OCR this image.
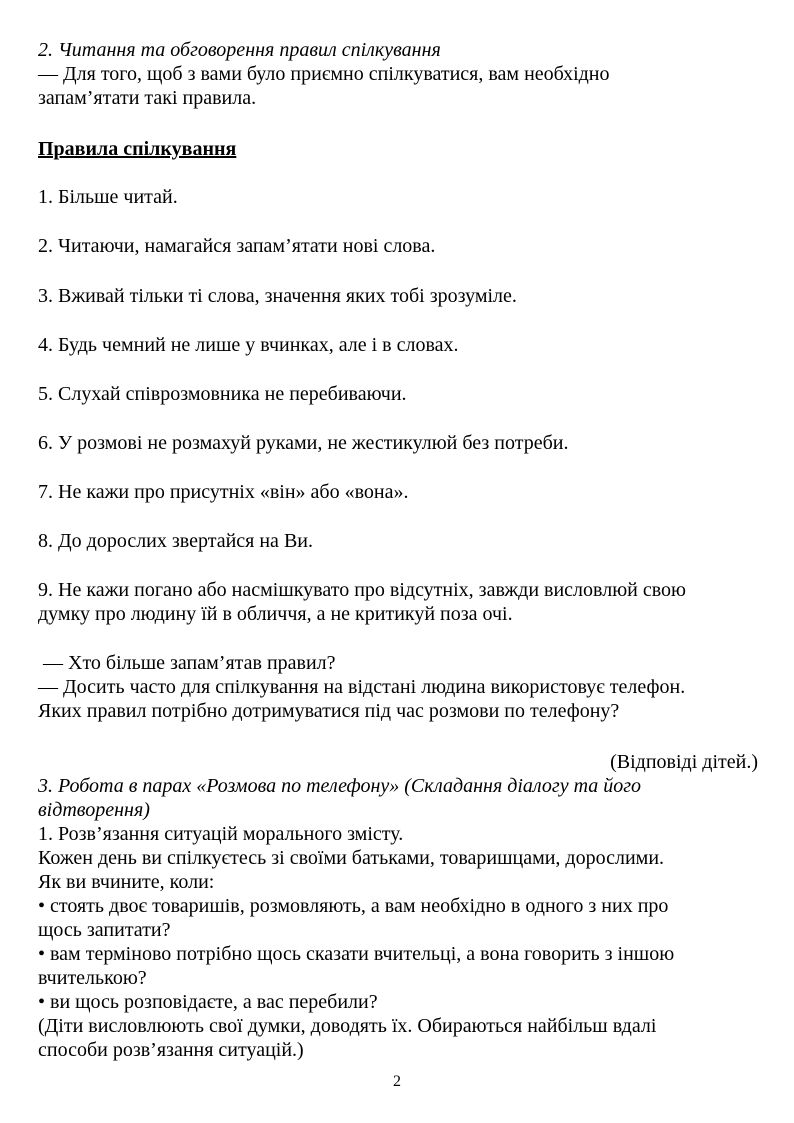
2. Читання та обговорення правил спілкування
— Для того, щоб з вами було приємно спілкуватися, вам необхідно
запам’ятати такі правила.
Правила спілкування
1. Більше читай.
2. Читаючи, намагайся запам’ятати нові слова.
3. Вживай тільки ті слова, значення яких тобі зрозуміле.
4. Будь чемний не лише у вчинках, але і в словах.
5. Слухай співрозмовника не перебиваючи.
6. У розмові не розмахуй руками, не жестикулюй без потреби.
7. Не кажи про присутніх «він» або «вона».
8. До дорослих звертайся на Ви.
9. Не кажи погано або насмішкувато про відсутніх, завжди висловлюй свою
думку про людину їй в обличчя, а не критикуй поза очі.
— Хто більше запам’ятав правил?
— Досить часто для спілкування на відстані людина використовує телефон.
Яких правил потрібно дотримуватися під час розмови по телефону?
(Відповіді дітей.)
3. Робота в парах «Розмова по телефону» (Складання діалогу та його
відтворення)
1. Розв’язання ситуацій морального змісту.
Кожен день ви спілкуєтесь зі своїми батьками, товаришцами, дорослими.
Як ви вчините, коли:
• стоять двоє товаришів, розмовляють, а вам необхідно в одного з них про
щось запитати?
• вам терміново потрібно щось сказати вчительці, а вона говорить з іншою
вчителькою?
• ви щось розповідаєте, а вас перебили?
(Діти висловлюють свої думки, доводять їх. Обираються найбільш вдалі
способи розв’язання ситуацій.)
2
